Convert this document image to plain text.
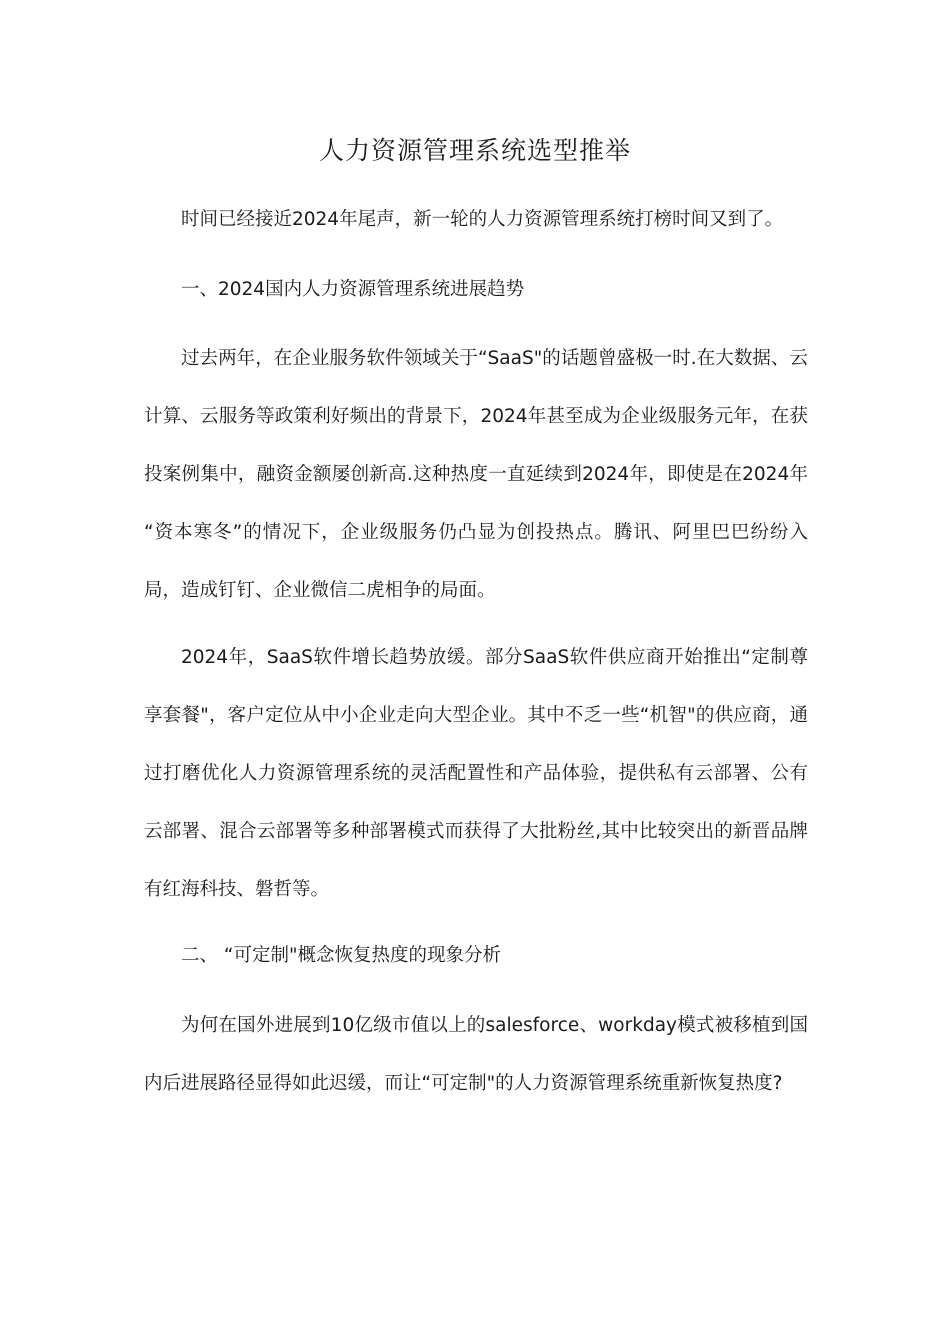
人力资源管理系统选型推举

时间已经接近2024年尾声，新一轮的人力资源管理系统打榜时间又到了。

一、2024国内人力资源管理系统进展趋势

过去两年，在企业服务软件领域关于“SaaS"的话题曾盛极一时.在大数据、云计算、云服务等政策利好频出的背景下，2024年甚至成为企业级服务元年，在获投案例集中，融资金额屡创新高.这种热度一直延续到2024年，即使是在2024年 “资本寒冬”的情况下，企业级服务仍凸显为创投热点。腾讯、阿里巴巴纷纷入局，造成钉钉、企业微信二虎相争的局面。

2024年，SaaS软件增长趋势放缓。部分SaaS软件供应商开始推出“定制尊享套餐"，客户定位从中小企业走向大型企业。其中不乏一些“机智"的供应商，通过打磨优化人力资源管理系统的灵活配置性和产品体验，提供私有云部署、公有云部署、混合云部署等多种部署模式而获得了大批粉丝,其中比较突出的新晋品牌有红海科技、磐哲等。

二、 “可定制"概念恢复热度的现象分析

为何在国外进展到10亿级市值以上的salesforce、workday模式被移植到国内后进展路径显得如此迟缓，而让“可定制"的人力资源管理系统重新恢复热度?
